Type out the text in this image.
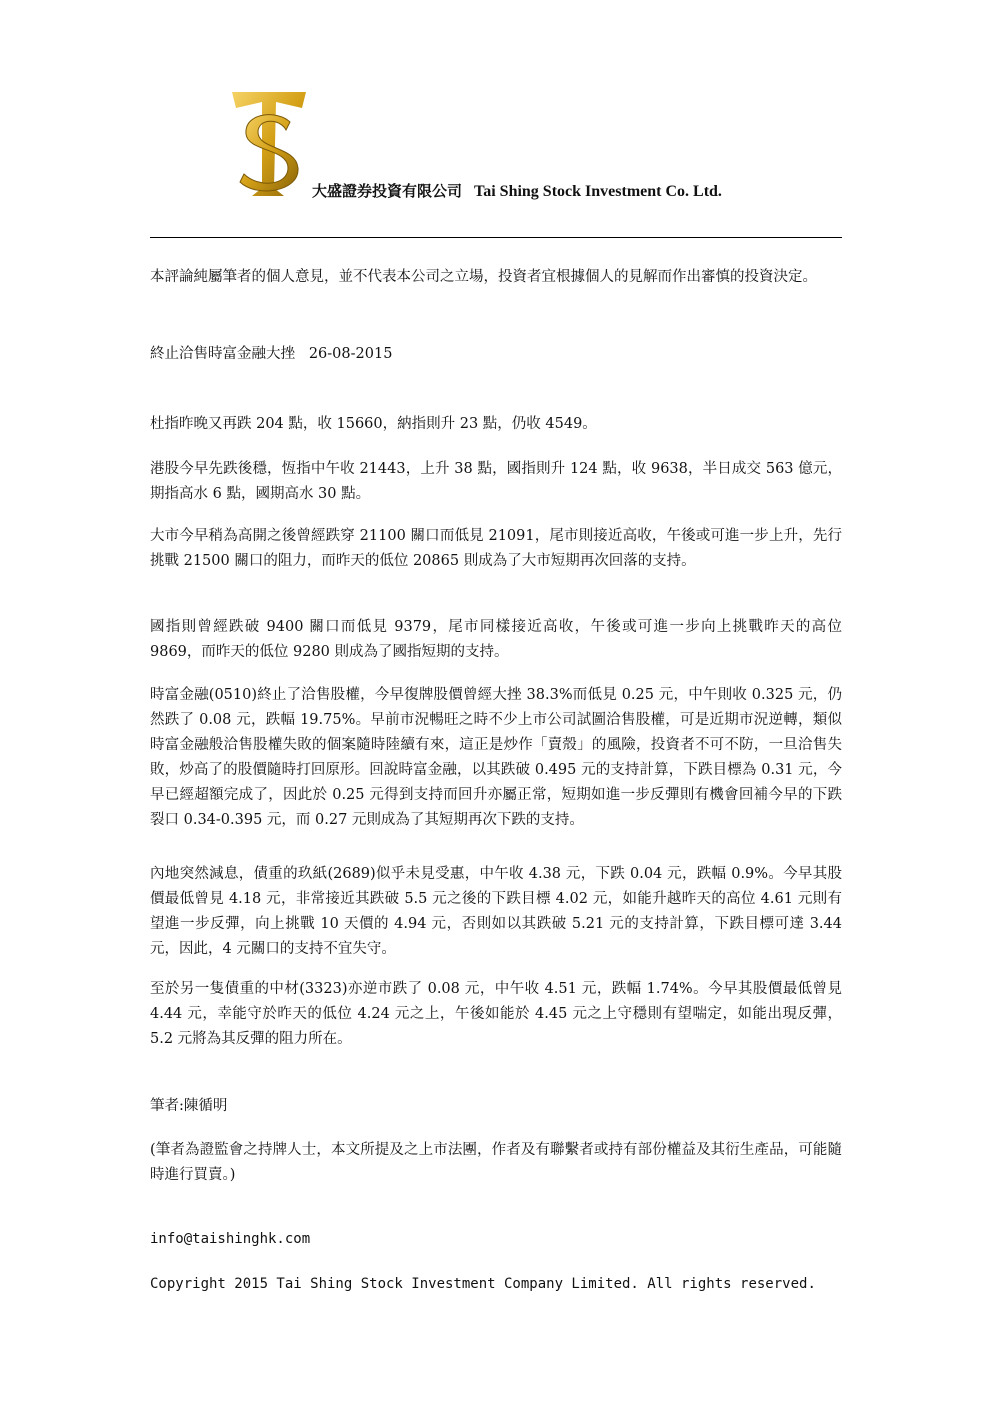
大盛證券投資有限公司 Tai Shing Stock Investment Co. Ltd.

本評論純屬筆者的個人意見，並不代表本公司之立場，投資者宜根據個人的見解而作出審慎的投資決定。

終止洽售時富金融大挫 26-08-2015

杜指昨晚又再跌 204 點，收 15660，納指則升 23 點，仍收 4549。

港股今早先跌後穩，恆指中午收 21443，上升 38 點，國指則升 124 點，收 9638，半日成交 563 億元，期指高水 6 點，國期高水 30 點。

大市今早稍為高開之後曾經跌穿 21100 關口而低見 21091，尾市則接近高收，午後或可進一步上升，先行挑戰 21500 關口的阻力，而昨天的低位 20865 則成為了大市短期再次回落的支持。

國指則曾經跌破 9400 關口而低見 9379，尾市同樣接近高收，午後或可進一步向上挑戰昨天的高位 9869，而昨天的低位 9280 則成為了國指短期的支持。

時富金融(0510)終止了洽售股權，今早復牌股價曾經大挫 38.3%而低見 0.25 元，中午則收 0.325 元，仍然跌了 0.08 元，跌幅 19.75%。早前市況暢旺之時不少上市公司試圖洽售股權，可是近期市況逆轉，類似時富金融般洽售股權失敗的個案隨時陸續有來，這正是炒作「賣殼」的風險，投資者不可不防，一旦洽售失敗，炒高了的股價隨時打回原形。回說時富金融，以其跌破 0.495 元的支持計算，下跌目標為 0.31 元，今早已經超額完成了，因此於 0.25 元得到支持而回升亦屬正常，短期如進一步反彈則有機會回補今早的下跌裂口 0.34-0.395 元，而 0.27 元則成為了其短期再次下跌的支持。

內地突然減息，債重的玖紙(2689)似乎未見受惠，中午收 4.38 元，下跌 0.04 元，跌幅 0.9%。今早其股價最低曾見 4.18 元，非常接近其跌破 5.5 元之後的下跌目標 4.02 元，如能升越昨天的高位 4.61 元則有望進一步反彈，向上挑戰 10 天價的 4.94 元，否則如以其跌破 5.21 元的支持計算，下跌目標可達 3.44 元，因此，4 元關口的支持不宜失守。

至於另一隻債重的中材(3323)亦逆市跌了 0.08 元，中午收 4.51 元，跌幅 1.74%。今早其股價最低曾見 4.44 元，幸能守於昨天的低位 4.24 元之上，午後如能於 4.45 元之上守穩則有望喘定，如能出現反彈，5.2 元將為其反彈的阻力所在。

筆者:陳循明

(筆者為證監會之持牌人士，本文所提及之上市法團，作者及有聯繫者或持有部份權益及其衍生產品，可能隨時進行買賣。)

info@taishinghk.com
Copyright 2015 Tai Shing Stock Investment Company Limited. All rights reserved.
